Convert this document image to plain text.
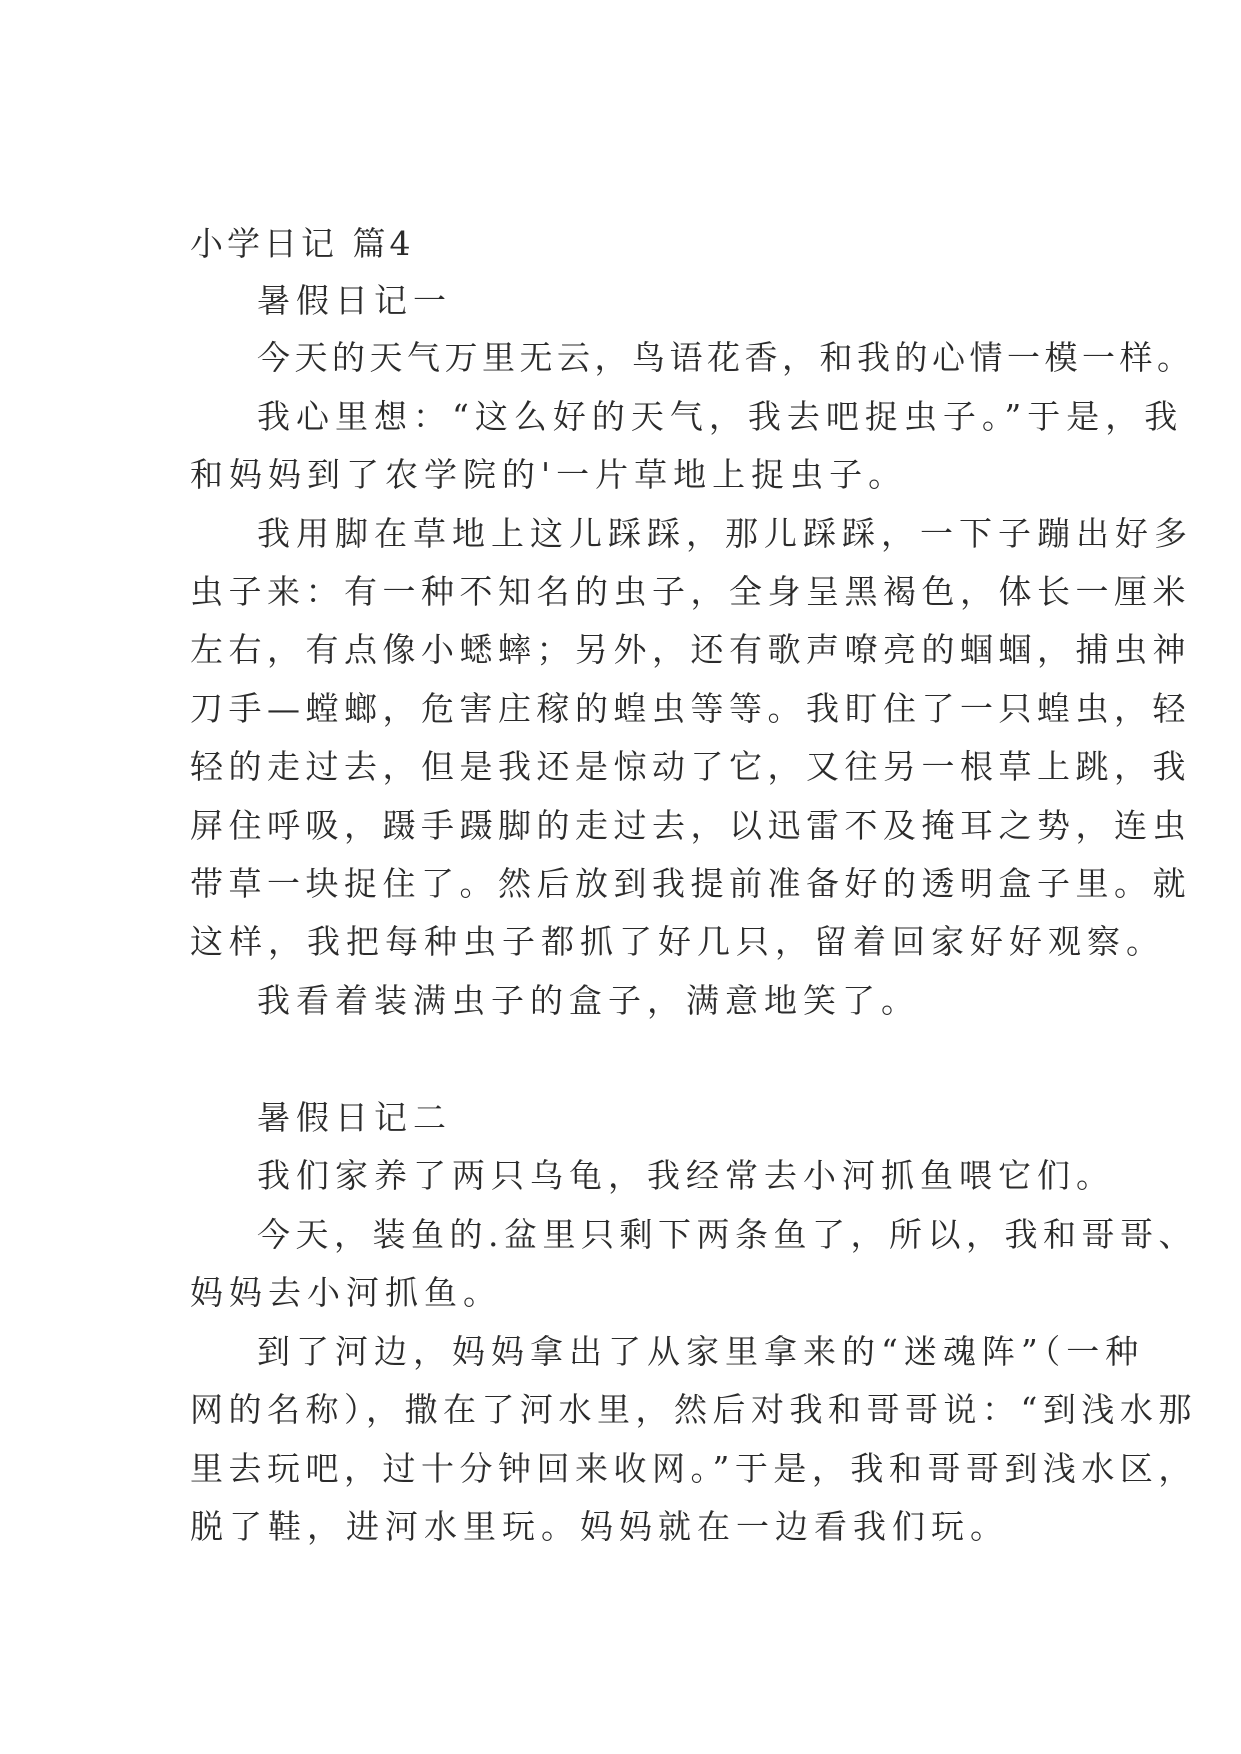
小学日记 篇4
暑假日记一
今天的天气万里无云，鸟语花香，和我的心情一模一样。
我心里想：“这么好的天气，我去吧捉虫子。”于是，我
和妈妈到了农学院的'一片草地上捉虫子。
我用脚在草地上这儿踩踩，那儿踩踩，一下子蹦出好多
虫子来：有一种不知名的虫子，全身呈黑褐色，体长一厘米
左右，有点像小蟋蟀；另外，还有歌声嘹亮的蝈蝈，捕虫神
刀手—螳螂，危害庄稼的蝗虫等等。我盯住了一只蝗虫，轻
轻的走过去，但是我还是惊动了它，又往另一根草上跳，我
屏住呼吸，蹑手蹑脚的走过去，以迅雷不及掩耳之势，连虫
带草一块捉住了。然后放到我提前准备好的透明盒子里。就
这样，我把每种虫子都抓了好几只，留着回家好好观察。
我看着装满虫子的盒子，满意地笑了。
暑假日记二
我们家养了两只乌龟，我经常去小河抓鱼喂它们。
今天，装鱼的.盆里只剩下两条鱼了，所以，我和哥哥、
妈妈去小河抓鱼。
到了河边，妈妈拿出了从家里拿来的“迷魂阵”（一种
网的名称），撒在了河水里，然后对我和哥哥说：“到浅水那
里去玩吧，过十分钟回来收网。”于是，我和哥哥到浅水区，
脱了鞋，进河水里玩。妈妈就在一边看我们玩。
